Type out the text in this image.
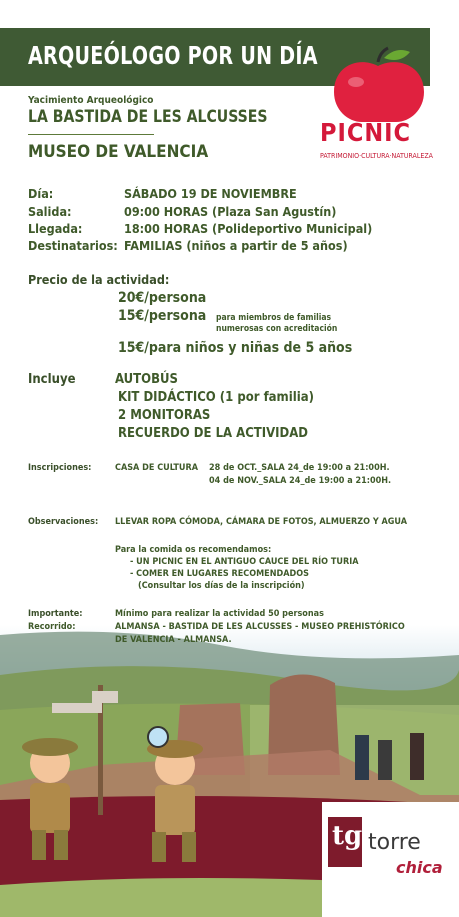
ARQUEÓLOGO POR UN DÍA
Yacimiento Arqueológico
LA BASTIDA DE LES ALCUSSES
MUSEO DE VALENCIA
PICNIC
PATRIMONIO·CULTURA·NATURALEZA
Día:	SÁBADO 19 DE NOVIEMBRE
Salida:	09:00 HORAS (Plaza San Agustín)
Llegada:	18:00 HORAS (Polideportivo Municipal)
Destinatarios: FAMILIAS (niños a partir de 5 años)
Precio de la actividad:
20€/persona
15€/persona para miembros de familias
numerosas con acreditación
15€/para niños y niñas de 5 años
Incluye	AUTOBÚS
KIT DIDÁCTICO (1 por familia)
2 MONITORAS
RECUERDO DE LA ACTIVIDAD
Inscripciones:	CASA DE CULTURA 28 de OCT._SALA 24_de 19:00 a 21:00H.
04 de NOV._SALA 24_de 19:00 a 21:00H.
Observaciones: LLEVAR ROPA CÓMODA, CÁMARA DE FOTOS, ALMUERZO Y AGUA
Para la comida os recomendamos:
- UN PICNIC EN EL ANTIGUO CAUCE DEL RÍO TURIA
- COMER EN LUGARES RECOMENDADOS
(Consultar los días de la inscripción)
Importante:	Mínimo para realizar la actividad 50 personas
Recorrido:	ALMANSA - BASTIDA DE LES ALCUSSES - MUSEO PREHISTÓRICO
DE VALENCIA - ALMANSA.
tg torre
chica
